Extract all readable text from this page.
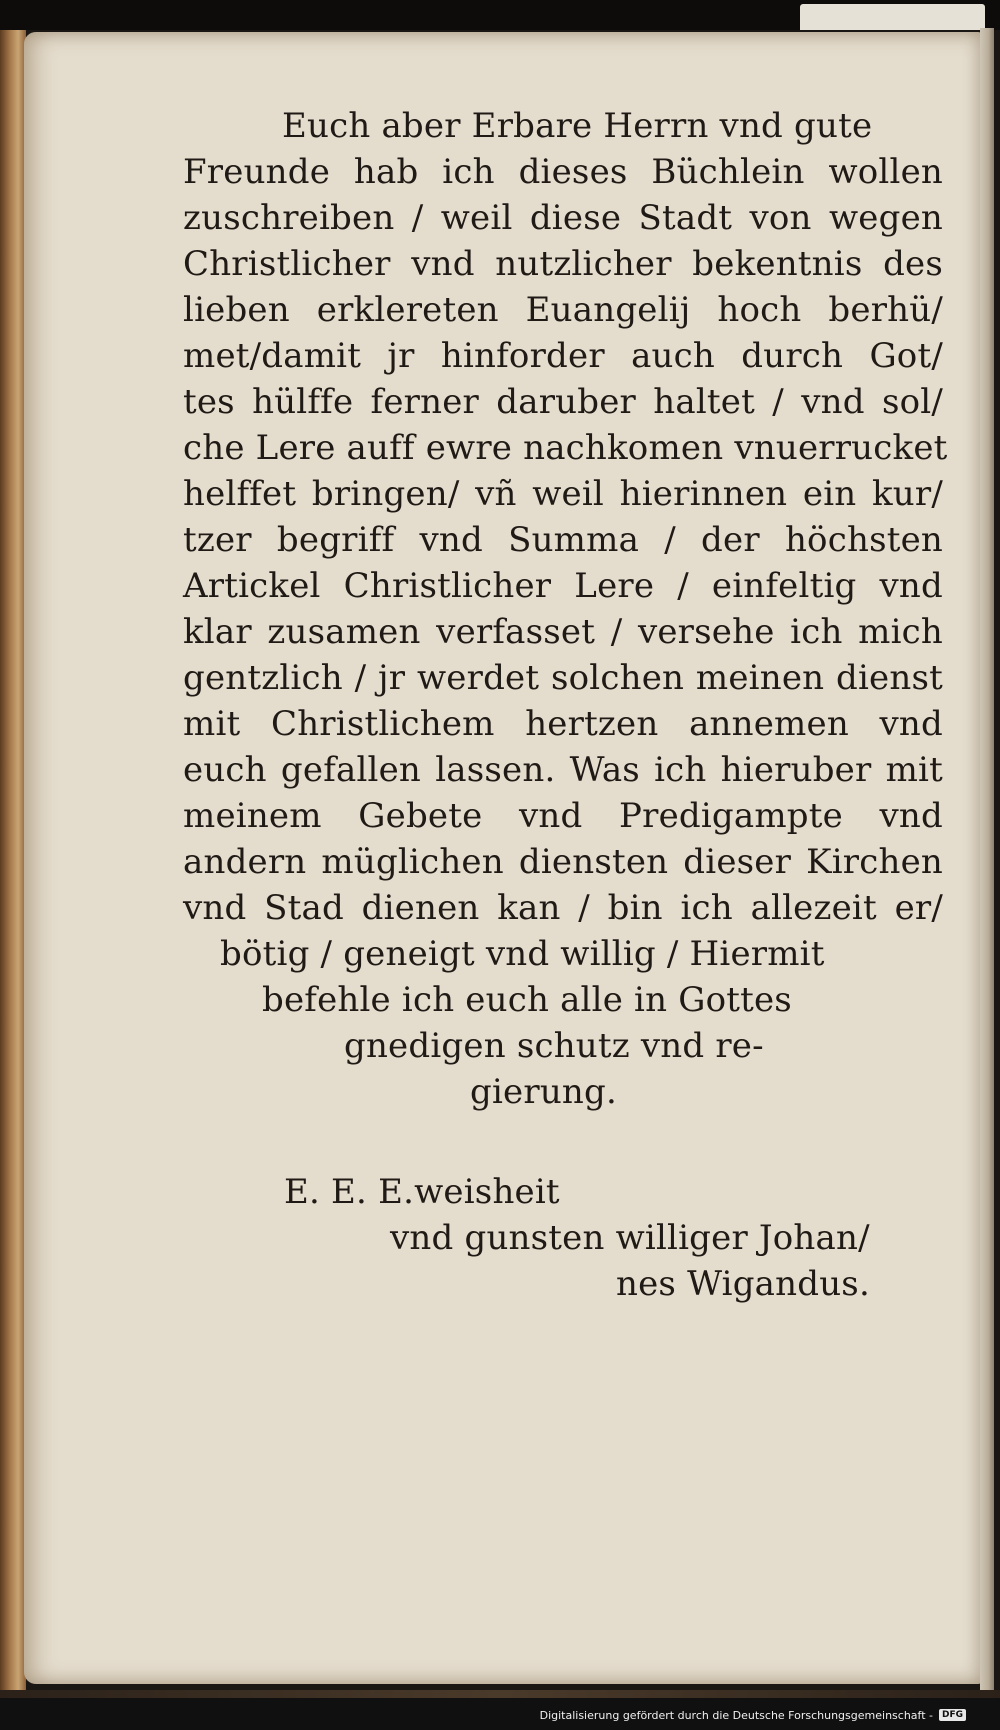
Euch aber Erbare Herrn vnd gute
Freunde hab ich dieses Büchlein wollen
zuschreiben / weil diese Stadt von wegen
Christlicher vnd nutzlicher bekentnis des
lieben erklereten Euangelij hoch berhü/
met/damit jr hinforder auch durch Got/
tes hülffe ferner daruber haltet / vnd sol/
che Lere auff ewre nachkomen vnuerrucket
helffet bringen/ vñ weil hierinnen ein kur/
tzer begriff vnd Summa / der höchsten
Artickel Christlicher Lere / einfeltig vnd
klar zusamen verfasset / versehe ich mich
gentzlich / jr werdet solchen meinen dienst
mit Christlichem hertzen annemen vnd
euch gefallen lassen. Was ich hieruber mit
meinem Gebete vnd Predigampte vnd
andern müglichen diensten dieser Kirchen
vnd Stad dienen kan / bin ich allezeit er/
bötig / geneigt vnd willig / Hiermit
befehle ich euch alle in Gottes
gnedigen schutz vnd re-
gierung.
E. E. E.weisheit
vnd gunsten williger Johan/
nes Wigandus.
Digitalisierung gefördert durch die Deutsche Forschungsgemeinschaft -	DFG
